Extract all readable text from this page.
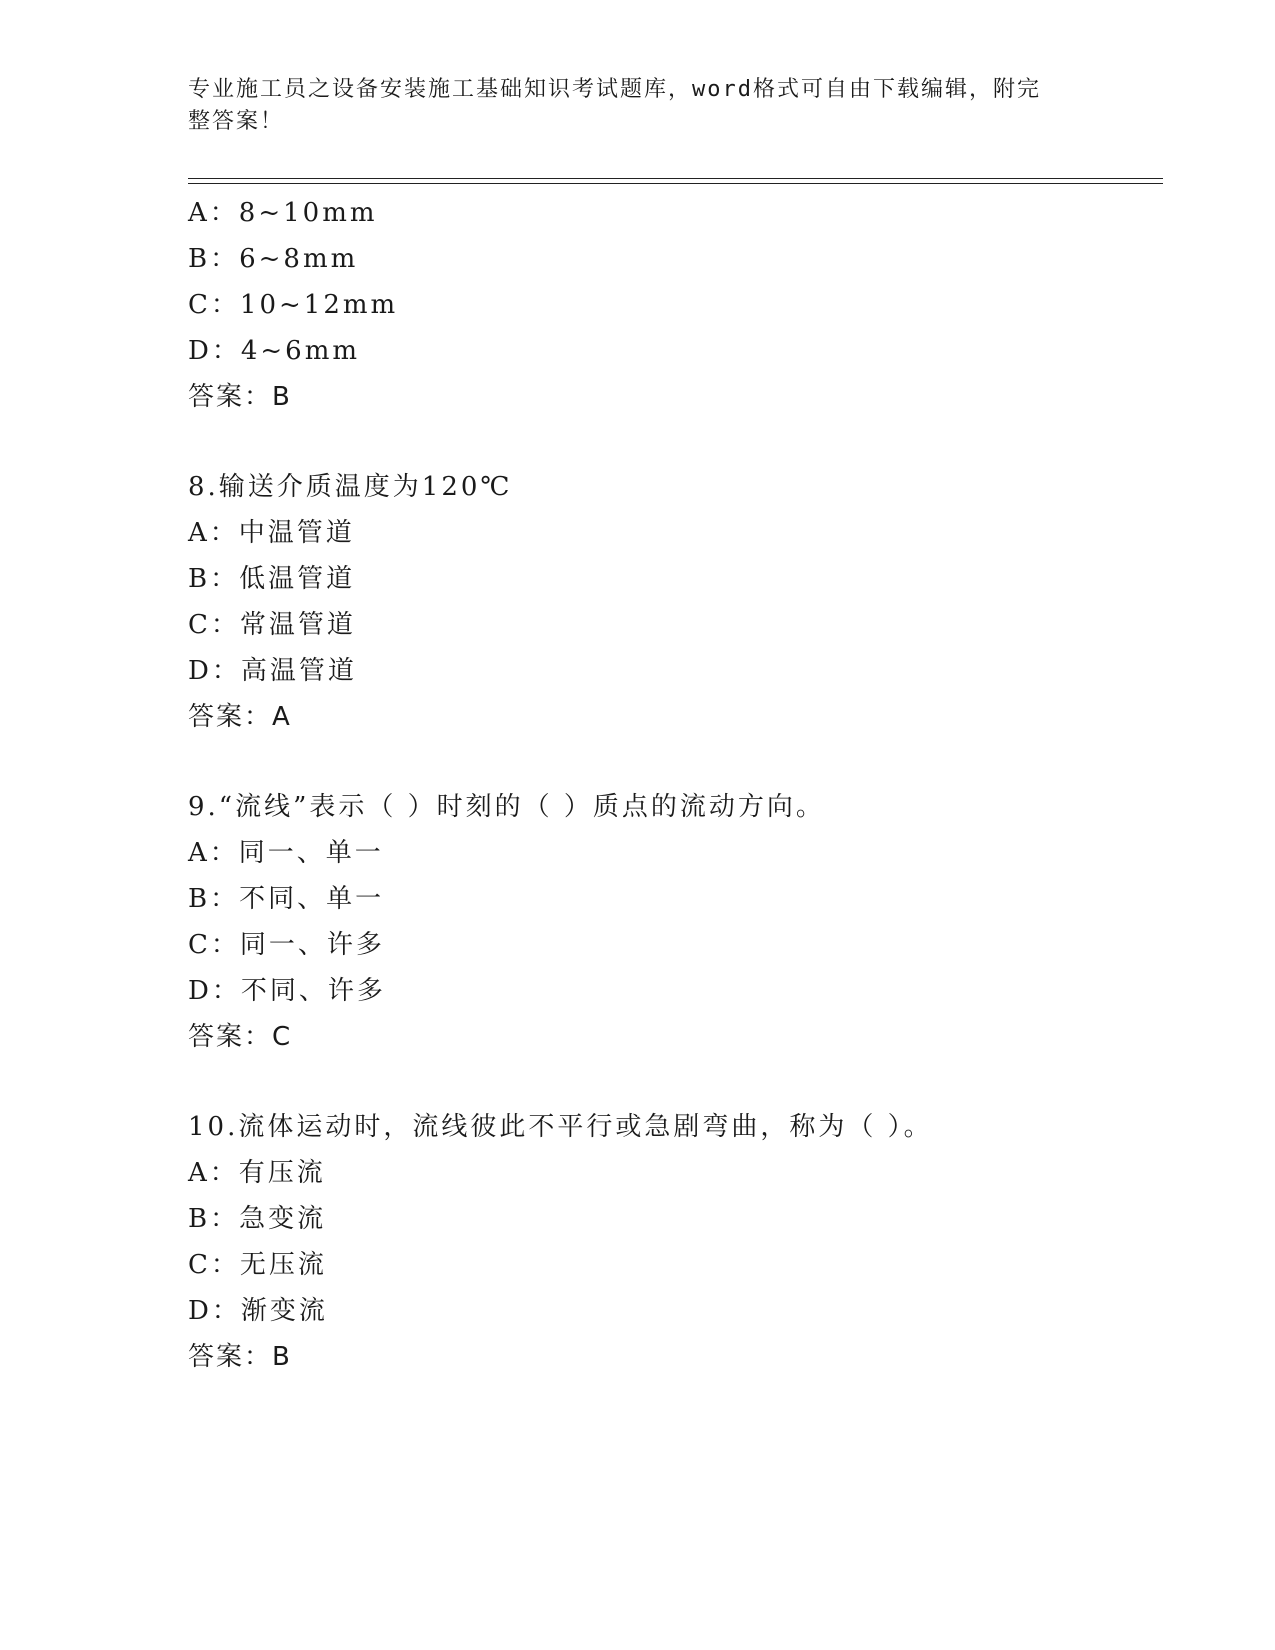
专业施工员之设备安装施工基础知识考试题库，word格式可自由下载编辑，附完
整答案！
A：8~10mm
B：6~8mm
C：10~12mm
D：4~6mm
答案：B
8.输送介质温度为120℃
A：中温管道
B：低温管道
C：常温管道
D：高温管道
答案：A
9.“流线”表示（ ）时刻的（ ）质点的流动方向。
A：同一、单一
B：不同、单一
C：同一、许多
D：不同、许多
答案：C
10.流体运动时，流线彼此不平行或急剧弯曲，称为（ ）。
A：有压流
B：急变流
C：无压流
D：渐变流
答案：B
